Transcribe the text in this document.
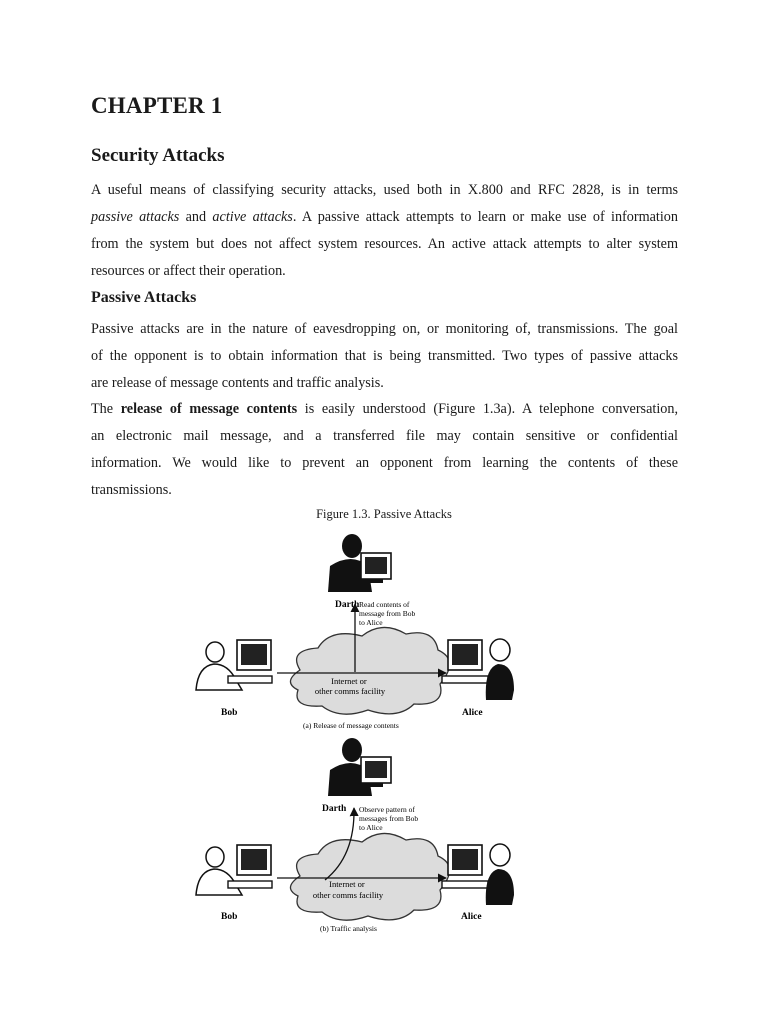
CHAPTER 1
Security Attacks
A useful means of classifying security attacks, used both in X.800 and RFC 2828, is in terms
passive attacks and active attacks. A passive attack attempts to learn or make use of information
from the system but does not affect system resources. An active attack attempts to alter system
resources or affect their operation.
Passive Attacks
Passive attacks are in the nature of eavesdropping on, or monitoring of, transmissions. The goal
of the opponent is to obtain information that is being transmitted. Two types of passive attacks
are release of message contents and traffic analysis.
The release of message contents is easily understood (Figure 1.3a). A telephone conversation,
an electronic mail message, and a transferred file may contain sensitive or confidential
information. We would like to prevent an opponent from learning the contents of these
transmissions.
Figure 1.3. Passive Attacks
Darth Read contents of message from Bob to Alice
Internet or other comms facility
Bob	Alice
(a) Release of message contents
Darth Observe pattern of messages from Bob to Alice
Internet or other comms facility
Bob	Alice
(b) Traffic analysis
